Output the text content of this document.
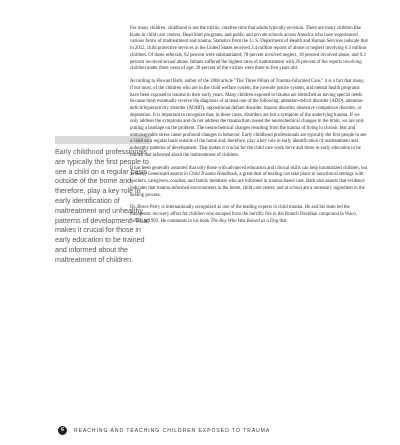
Early childhood professionals are typically the first people to see a child on a regular basis outside of the home and, therefore, play a key role in early identification of maltreatment and unhealthy patterns of development. That makes it crucial for those in early education to be trained and informed about the maltreatment of children.

For many children, childhood is not the idyllic, carefree time that adults typically envision. There are many children like Katie in child care centers, Head Start programs, and public and private schools across America who have experienced various forms of maltreatment and trauma. Statistics from the U. S. Department of Health and Human Services indicate that in 2012, child protective services in the United States received 3.4 million reports of abuse or neglect involving 6.3 million children. Of those referrals, 62 percent were substantiated; 78 percent involved neglect, 18 percent involved abuse, and 9.3 percent involved sexual abuse. Infants suffered the highest rates of maltreatment with 26 percent of the reports involving children under three years of age; 20 percent of the victims were three to five years old.

According to Howard Bath, author of the 2008 article "The Three Pillars of Trauma-Informed Care," it is a fact that many, if not most, of the children who are in the child welfare system, the juvenile justice system, and mental health programs have been exposed to trauma in their early years. Many children exposed to trauma are identified as having special needs because most eventually receive the diagnosis of at least one of the following: attention-deficit disorder (ADD), attention-deficit/hyperactivity disorder (ADHD), oppositional defiant disorder, bipolar disorder, obsessive compulsive disorder, or depression. It is important to recognize that, in these cases, disorders are but a symptom of the underlying trauma. If we only address the symptoms and do not address the trauma that caused the neurochemical changes in the brain, we are only putting a bandage on the problem. The neurochemical changes resulting from the trauma of living in chronic fear and unmanageable stress cause profound changes in behavior. Early childhood professionals are typically the first people to see a child on a regular basis outside of the home and, therefore, play a key role in early identification of maltreatment and unhealthy patterns of development. That makes it crucial for the child care work force and those in early education to be trained and informed about the maltreatment of children.

It has been generally assumed that only those with advanced education and clinical skills can help traumatized children, but as Ricky Greenwald asserts in Child Trauma Handbook, a great deal of healing can take place in nonclinical settings with teachers, caregivers, coaches, and family members who are informed in trauma-based care. Bath also asserts that evidence indicates that trauma-informed environments in the home, child care center, and at school are a necessary ingredient in the healing process.

Dr. Bruce Perry is internationally recognized as one of the leading experts in child trauma. He and his team led the therapeutic recovery effort for children who escaped from the horrific fire in the Branch Davidian compound in Waco, Texas, in 1993. He comments in his book The Boy Who Was Raised as a Dog that

6	REACHING AND TEACHING CHILDREN EXPOSED TO TRAUMA
